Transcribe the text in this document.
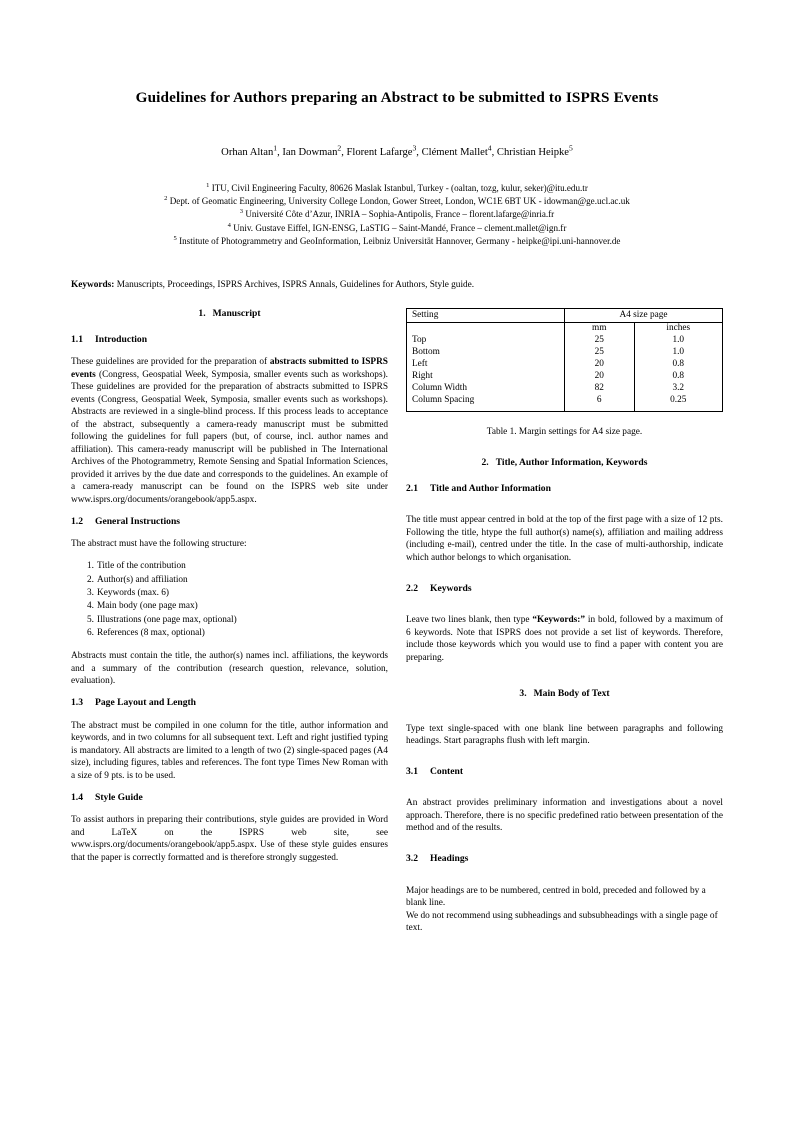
Guidelines for Authors preparing an Abstract to be submitted to ISPRS Events
Orhan Altan$^1$, Ian Dowman$^2$, Florent Lafarge$^3$, Clément Mallet$^4$, Christian Heipke$^5$
$^1$ ITU, Civil Engineering Faculty, 80626 Maslak Istanbul, Turkey - (oaltan, tozg, kulur, seker)@itu.edu.tr
$^2$ Dept. of Geomatic Engineering, University College London, Gower Street, London, WC1E 6BT UK - idowman@ge.ucl.ac.uk
$^3$ Université Côte d’Azur, INRIA – Sophia-Antipolis, France – florent.lafarge@inria.fr
$^4$ Univ. Gustave Eiffel, IGN-ENSG, LaSTIG – Saint-Mandé, France – clement.mallet@ign.fr
$^5$ Institute of Photogrammetry and GeoInformation, Leibniz Universität Hannover, Germany - heipke@ipi.uni-hannover.de
Keywords: Manuscripts, Proceedings, ISPRS Archives, ISPRS Annals, Guidelines for Authors, Style guide.
1. Manuscript
1.1 Introduction

These guidelines are provided for the preparation of abstracts submitted to ISPRS events (Congress, Geospatial Week, Symposia, smaller events such as workshops). These guidelines are provided for the preparation of abstracts submitted to ISPRS events (Congress, Geospatial Week, Symposia, smaller events such as workshops). Abstracts are reviewed in a single-blind process. If this process leads to acceptance of the abstract, subsequently a camera-ready manuscript must be submitted following the guidelines for full papers (but, of course, incl. author names and affiliation). This camera-ready manuscript will be published in The International Archives of the Photogrammetry, Remote Sensing and Spatial Information Sciences, provided it arrives by the due date and corresponds to the guidelines. An example of a camera-ready manuscript can be found on the ISPRS web site under www.isprs.org/documents/orangebook/app5.aspx.

1.2 General Instructions

The abstract must have the following structure:

Title of the contribution
Author(s) and affiliation
Keywords (max. 6)
Main body (one page max)
Illustrations (one page max, optional)
References (8 max, optional)

Abstracts must contain the title, the author(s) names incl. affiliations, the keywords and a summary of the contribution (research question, relevance, solution, evaluation).

1.3 Page Layout and Length

The abstract must be compiled in one column for the title, author information and keywords, and in two columns for all subsequent text. Left and right justified typing is mandatory. All abstracts are limited to a length of two (2) single-spaced pages (A4 size), including figures, tables and references. The font type Times New Roman with a size of 9 pts. is to be used.

1.4 Style Guide

To assist authors in preparing their contributions, style guides are provided in Word and LaTeX on the ISPRS web site, see www.isprs.org/documents/orangebook/app5.aspx. Use of these style guides ensures that the paper is correctly formatted and is therefore strongly suggested.

Setting	A4 size page	
	mm	inches
Top	25	1.0
Bottom	25	1.0
Left	20	0.8
Right	20	0.8
Column Width	82	3.2
Column Spacing	6	0.25
Table 1. Margin settings for A4 size page.
2. Title, Author Information, Keywords
2.1 Title and Author Information

The title must appear centred in bold at the top of the first page with a size of 12 pts. Following the title, htype the full author(s) name(s), affiliation and mailing address (including e-mail), centred under the title. In the case of multi-authorship, indicate which author belongs to which organisation.

2.2 Keywords

Leave two lines blank, then type “Keywords:” in bold, followed by a maximum of 6 keywords. Note that ISPRS does not provide a set list of keywords. Therefore, include those keywords which you would use to find a paper with content you are preparing.

3. Main Body of Text

Type text single-spaced with one blank line between paragraphs and following headings. Start paragraphs flush with left margin.

3.1 Content

An abstract provides preliminary information and investigations about a novel approach. Therefore, there is no specific predefined ratio between presentation of the method and of the results.

3.2 Headings

Major headings are to be numbered, centred in bold, preceded and followed by a blank line.

We do not recommend using subheadings and subsubheadings with a single page of text.
